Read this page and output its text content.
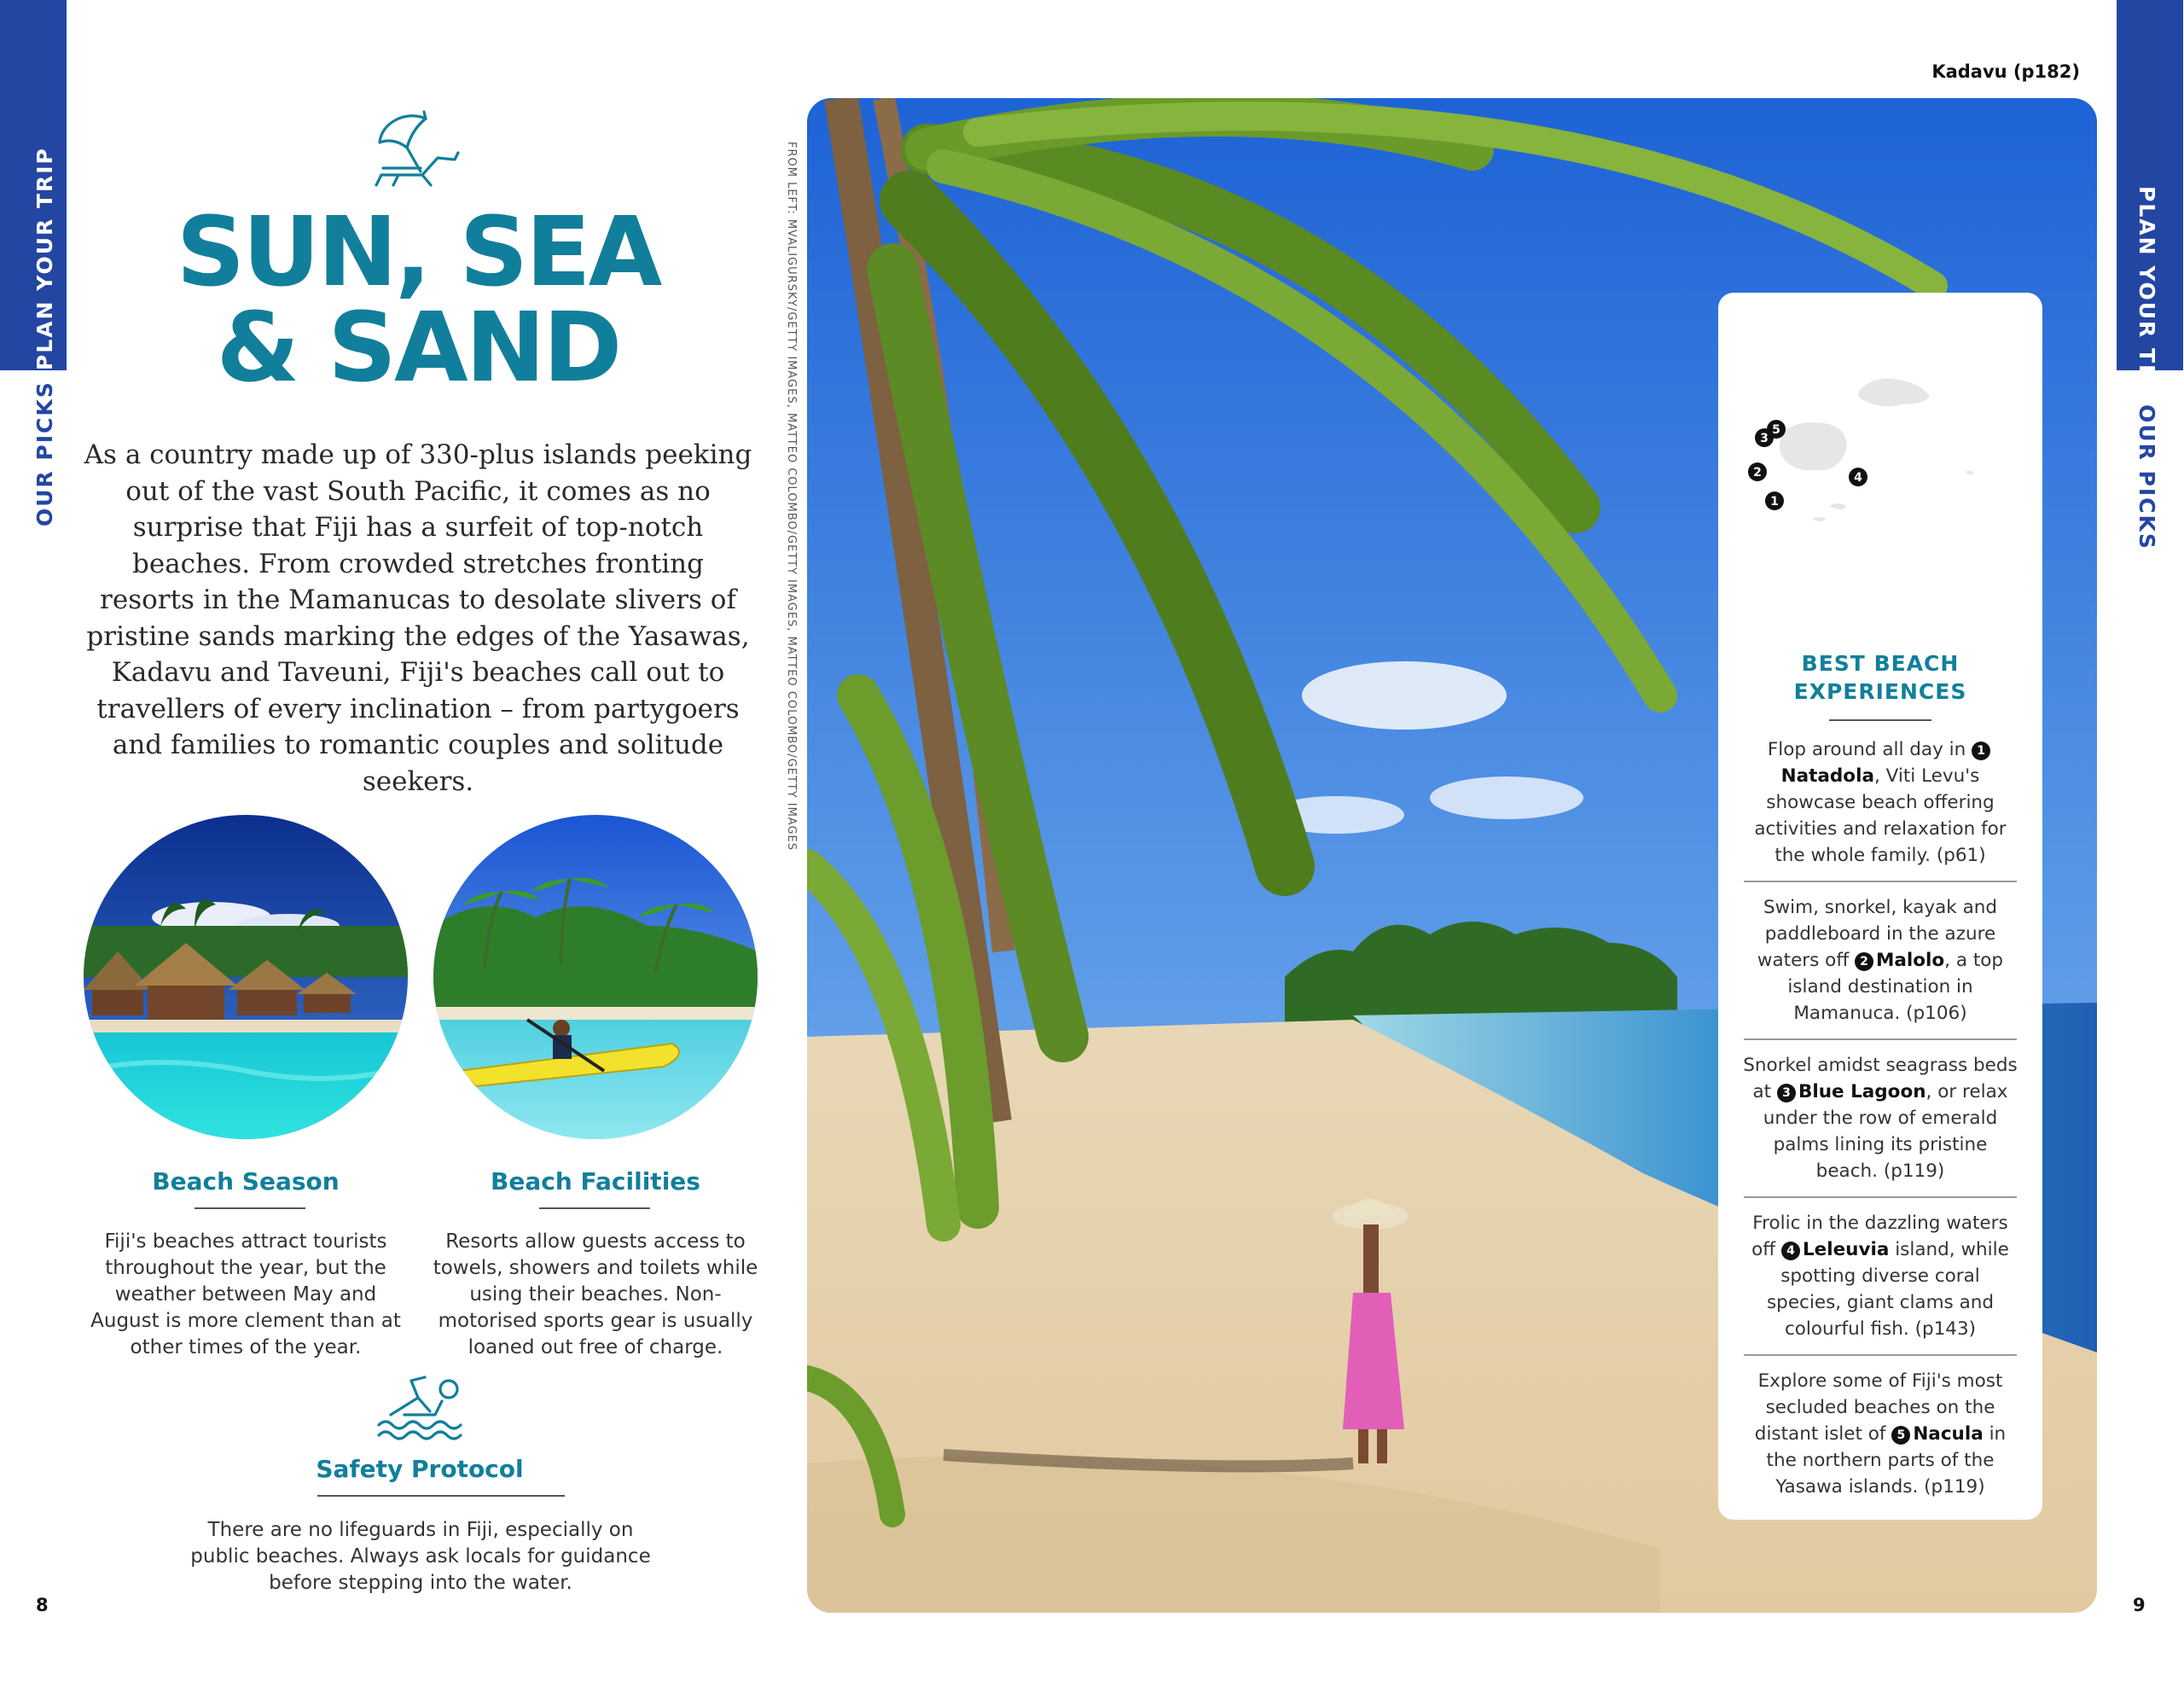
PLAN YOUR TRIP
OUR PICKS
PLAN YOUR TRIP
OUR PICKS
8	9
SUN, SEA
& SAND
As a country made up of 330-plus islands peeking out of the vast South Pacific, it comes as no surprise that Fiji has a surfeit of top-notch beaches. From crowded stretches fronting resorts in the Mamanucas to desolate slivers of pristine sands marking the edges of the Yasawas, Kadavu and Taveuni, Fiji's beaches call out to travellers of every inclination – from partygoers and families to romantic couples and solitude seekers.
Beach Season
Fiji's beaches attract tourists throughout the year, but the weather between May and August is more clement than at other times of the year.
Beach Facilities
Resorts allow guests access to towels, showers and toilets while using their beaches. Non-motorised sports gear is usually loaned out free of charge.
Safety Protocol
There are no lifeguards in Fiji, especially on public beaches. Always ask locals for guidance before stepping into the water.
FROM LEFT: MVALIGURSKY/GETTY IMAGES, MATTEO COLOMBO/GETTY IMAGES, MATTEO COLOMBO/GETTY IMAGES
Kadavu (p182)
3
5
2
1
4
BEST BEACH
EXPERIENCES
Flop around all day in 1Natadola, Viti Levu's showcase beach offering activities and relaxation for the whole family. (p61)
Swim, snorkel, kayak and paddleboard in the azure waters off 2 Malolo, a top island destination in Mamanuca. (p106)
Snorkel amidst seagrass beds at 3 Blue Lagoon, or relax under the row of emerald palms lining its pristine beach. (p119)
Frolic in the dazzling waters off 4 Leleuvia island, while spotting diverse coral species, giant clams and colourful fish. (p143)
Explore some of Fiji's most secluded beaches on the distant islet of 5 Nacula in the northern parts of the Yasawa islands. (p119)
